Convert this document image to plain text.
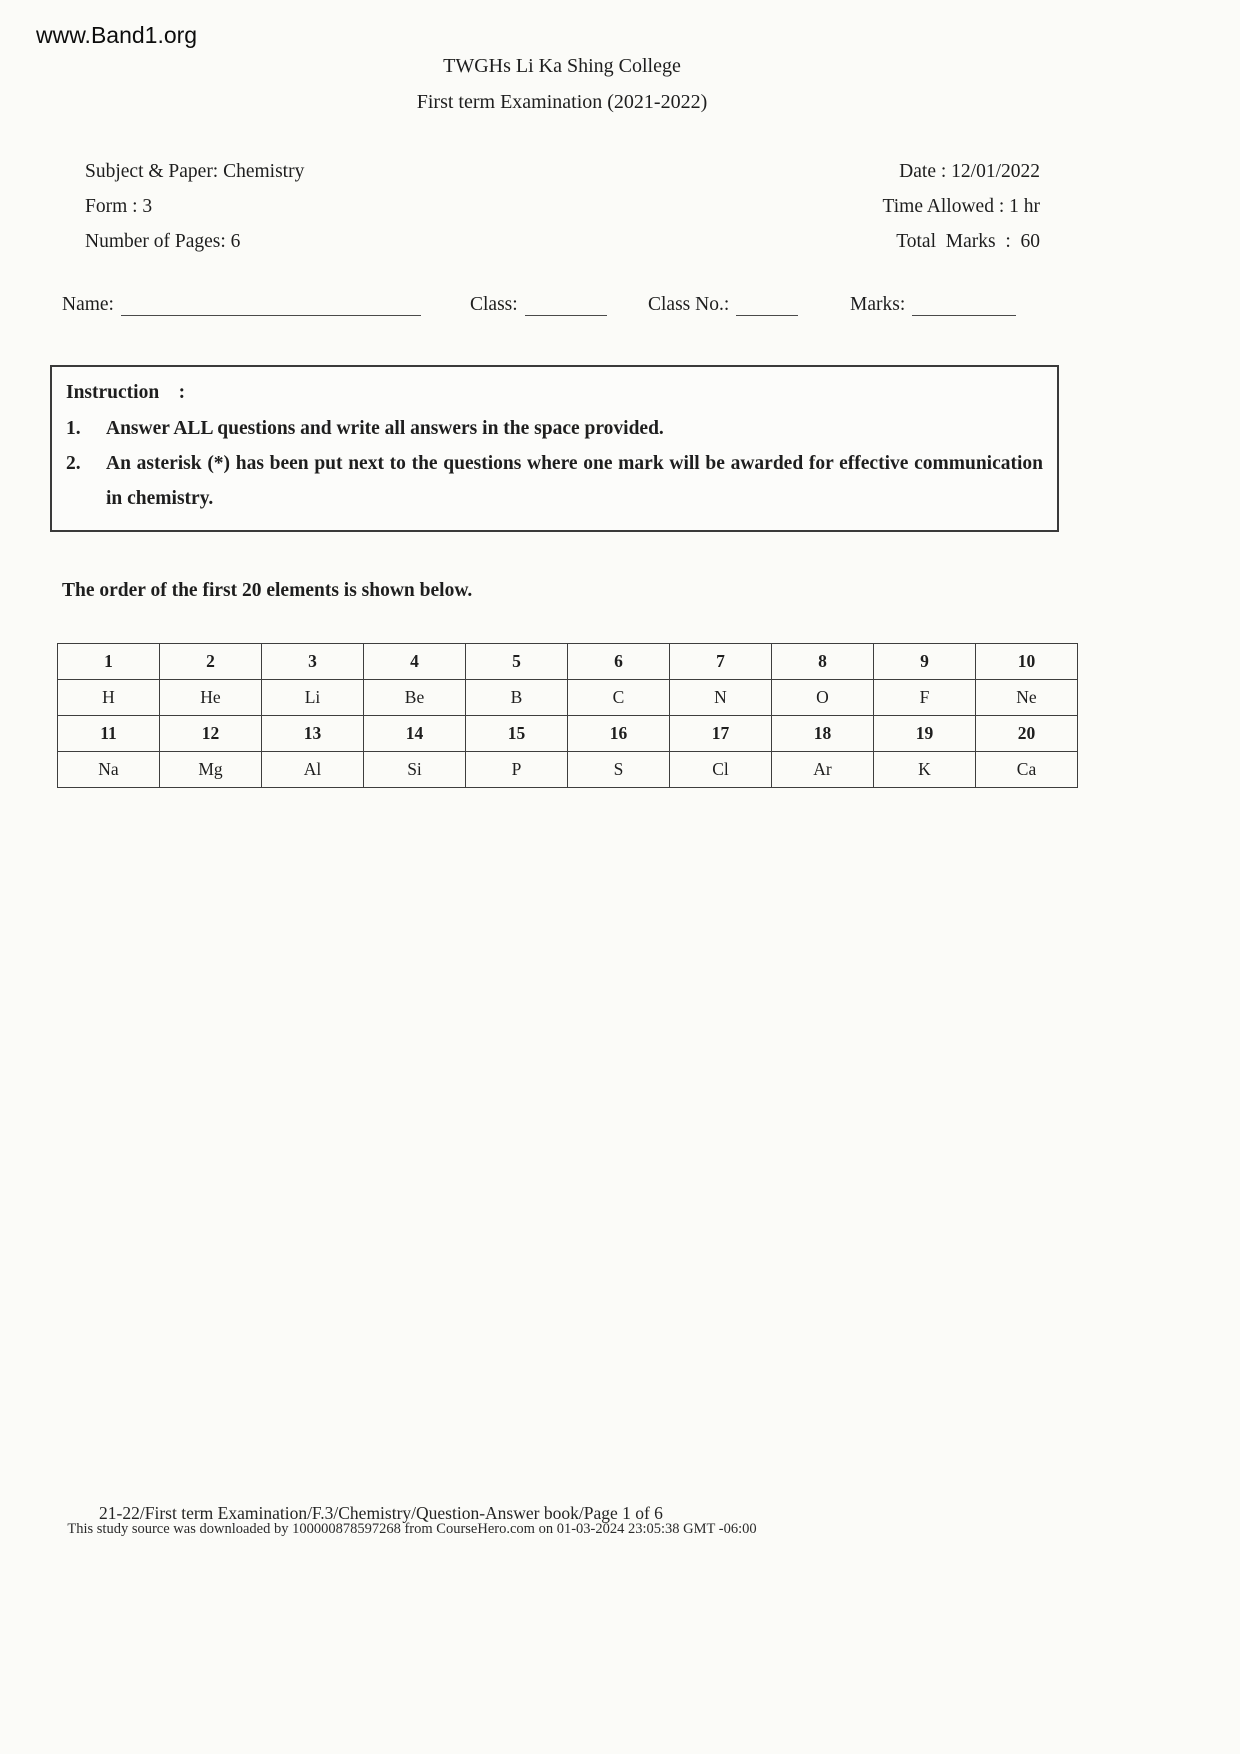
www.Band1.org
TWGHs Li Ka Shing College
First term Examination (2021-2022)
Subject & Paper: Chemistry
Form : 3
Number of Pages: 6
Date : 12/01/2022
Time Allowed : 1 hr
Total  Marks  :  60
Name:	Class:	Class No.:	Marks:
Instruction    :
1.	Answer ALL questions and write all answers in the space provided.
2.	An asterisk (*) has been put next to the questions where one mark will be awarded for effective communication in chemistry.
The order of the first 20 elements is shown below.
1	2	3	4	5	6	7	8	9	10
H	He	Li	Be	B	C	N	O	F	Ne
11	12	13	14	15	16	17	18	19	20
Na	Mg	Al	Si	P	S	Cl	Ar	K	Ca
21-22/First term Examination/F.3/Chemistry/Question-Answer book/Page 1 of 6
This study source was downloaded by 100000878597268 from CourseHero.com on 01-03-2024 23:05:38 GMT -06:00
